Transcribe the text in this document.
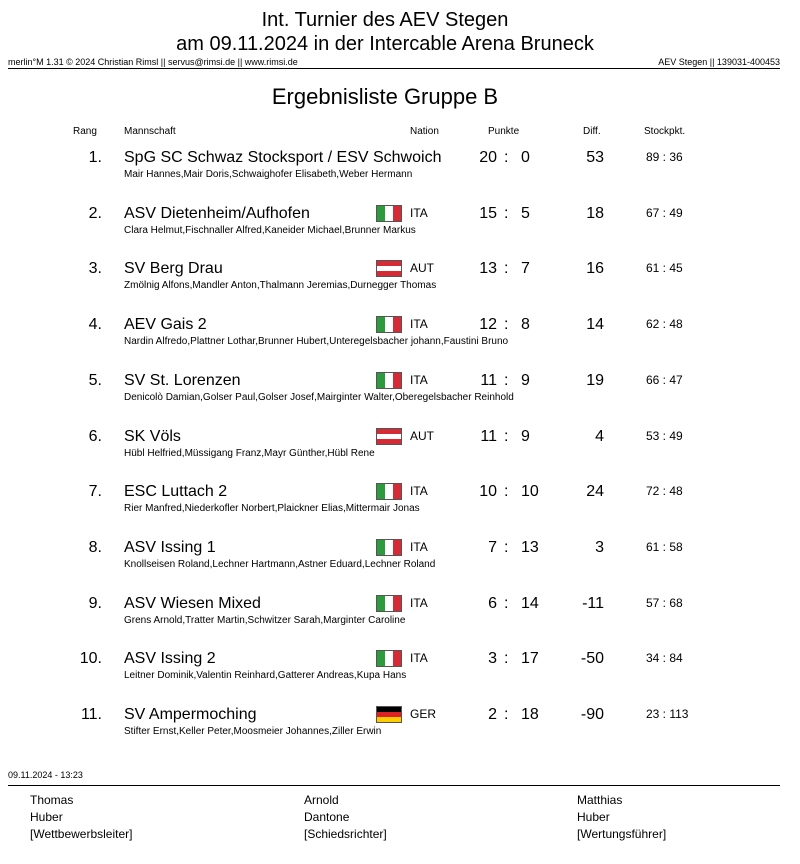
Int. Turnier des AEV Stegen
am 09.11.2024 in der Intercable Arena Bruneck
merlin°M 1.31 © 2024 Christian Rimsl || servus@rimsi.de || www.rimsi.de	AEV Stegen || 139031-400453
Ergebnisliste Gruppe B
Rang	Mannschaft	Nation	Punkte	Diff.	Stockpkt.
1. SpG SC Schwaz Stocksport / ESV Schwoich
Mair Hannes,Mair Doris,Schwaighofer Elisabeth,Weber Hermann
20 : 0	53	89 : 36
2. ASV Dietenheim/Aufhofen
Clara Helmut,Fischnaller Alfred,Kaneider Michael,Brunner Markus
ITA	15 : 5	18	67 : 49
3. SV Berg Drau
Zmölnig Alfons,Mandler Anton,Thalmann Jeremias,Durnegger Thomas
AUT	13 : 7	16	61 : 45
4. AEV Gais 2
Nardin Alfredo,Plattner Lothar,Brunner Hubert,Unteregelsbacher johann,Faustini Bruno
ITA	12 : 8	14	62 : 48
5. SV St. Lorenzen
Denicolò Damian,Golser Paul,Golser Josef,Mairginter Walter,Oberegelsbacher Reinhold
ITA	11 : 9	19	66 : 47
6. SK Völs
Hübl Helfried,Müssigang Franz,Mayr Günther,Hübl Rene
AUT	11 : 9	4	53 : 49
7. ESC Luttach 2
Rier Manfred,Niederkofler Norbert,Plaickner Elias,Mittermair Jonas
ITA	10 : 10	24	72 : 48
8. ASV Issing 1
Knollseisen Roland,Lechner Hartmann,Astner Eduard,Lechner Roland
ITA	7 : 13	3	61 : 58
9. ASV Wiesen Mixed
Grens Arnold,Tratter Martin,Schwitzer Sarah,Marginter Caroline
ITA	6 : 14	-11	57 : 68
10. ASV Issing 2
Leitner Dominik,Valentin Reinhard,Gatterer Andreas,Kupa Hans
ITA	3 : 17	-50	34 : 84
11. SV Ampermoching
Stifter Ernst,Keller Peter,Moosmeier Johannes,Ziller Erwin
GER	2 : 18	-90	23 : 113
09.11.2024 - 13:23
Thomas
Huber
[Wettbewerbsleiter]
Arnold
Dantone
[Schiedsrichter]
Matthias
Huber
[Wertungsführer]
